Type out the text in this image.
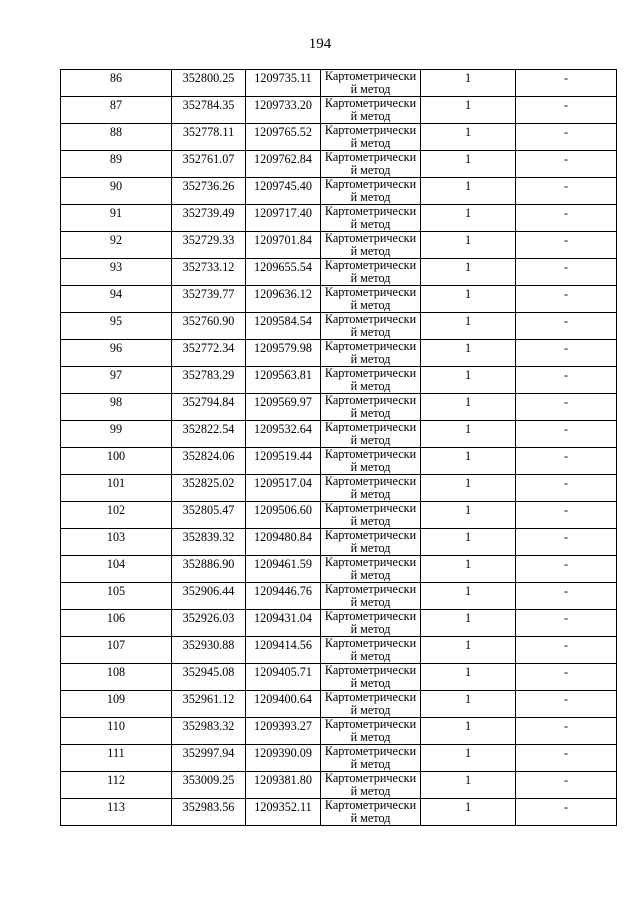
194
86	352800.25	1209735.11	Картометрически й метод	1	-

87	352784.35	1209733.20	Картометрически й метод	1	-

88	352778.11	1209765.52	Картометрически й метод	1	-

89	352761.07	1209762.84	Картометрически й метод	1	-

90	352736.26	1209745.40	Картометрически й метод	1	-

91	352739.49	1209717.40	Картометрически й метод	1	-

92	352729.33	1209701.84	Картометрически й метод	1	-

93	352733.12	1209655.54	Картометрически й метод	1	-

94	352739.77	1209636.12	Картометрически й метод	1	-

95	352760.90	1209584.54	Картометрически й метод	1	-

96	352772.34	1209579.98	Картометрически й метод	1	-

97	352783.29	1209563.81	Картометрически й метод	1	-

98	352794.84	1209569.97	Картометрически й метод	1	-

99	352822.54	1209532.64	Картометрически й метод	1	-

100	352824.06	1209519.44	Картометрически й метод	1	-

101	352825.02	1209517.04	Картометрически й метод	1	-

102	352805.47	1209506.60	Картометрически й метод	1	-

103	352839.32	1209480.84	Картометрически й метод	1	-

104	352886.90	1209461.59	Картометрически й метод	1	-

105	352906.44	1209446.76	Картометрически й метод	1	-

106	352926.03	1209431.04	Картометрически й метод	1	-

107	352930.88	1209414.56	Картометрически й метод	1	-

108	352945.08	1209405.71	Картометрически й метод	1	-

109	352961.12	1209400.64	Картометрически й метод	1	-

110	352983.32	1209393.27	Картометрически й метод	1	-

111	352997.94	1209390.09	Картометрически й метод	1	-

112	353009.25	1209381.80	Картометрически й метод	1	-

113	352983.56	1209352.11	Картометрически й метод	1	-
